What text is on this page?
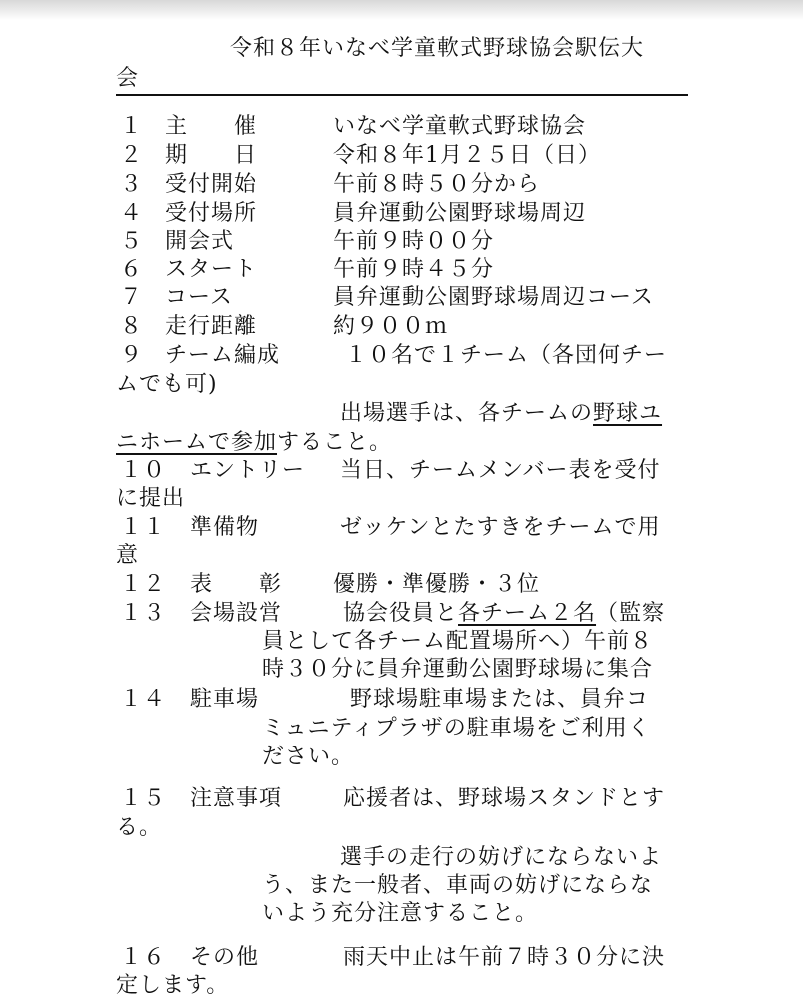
令和８年いなべ学童軟式野球協会駅伝大
会
１ 主　　催	いなべ学童軟式野球協会
２ 期　　日	令和８年1月２５日（日）
３ 受付開始	午前８時５０分から
４ 受付場所	員弁運動公園野球場周辺
５ 開会式	午前９時００分
６ スタート	午前９時４５分
７ コース	員弁運動公園野球場周辺コース
８ 走行距離	約９００ｍ
９ チーム編成	１０名で１チーム（各団何チー
ムでも可)
出場選手は、各チームの野球ユ
ニホームで参加すること。
１０ エントリー 当日、チームメンバー表を受付
に提出
１１ 準備物	ゼッケンとたすきをチームで用
意
１２ 表　　彰 優勝・準優勝・３位
１３ 会場設営	協会役員と各チーム２名（監察
員として各チーム配置場所へ）午前８
時３０分に員弁運動公園野球場に集合
１４ 駐車場	野球場駐車場または、員弁コ
ミュニティプラザの駐車場をご利用く
ださい。
１５ 注意事項	応援者は、野球場スタンドとす
る。
選手の走行の妨げにならないよ
う、また一般者、車両の妨げにならな
いよう充分注意すること。
１６ その他	雨天中止は午前７時３０分に決
定します。
